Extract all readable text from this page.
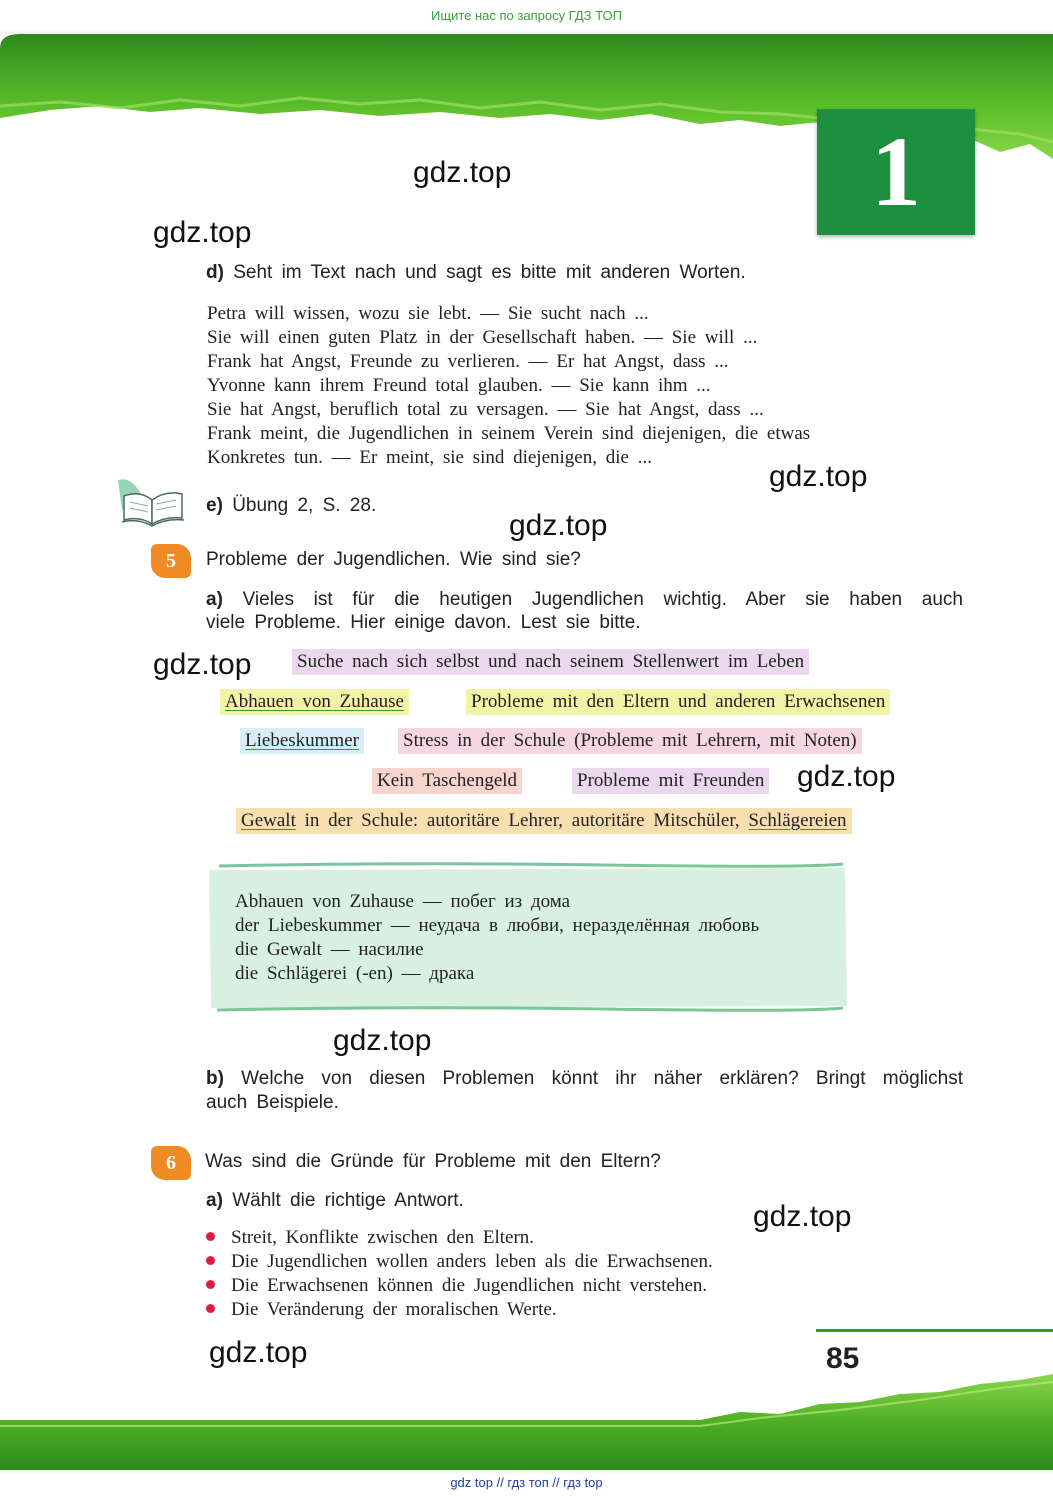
Ищите нас по запросу ГДЗ ТОП
1
gdz.top
gdz.top
gdz.top
gdz.top
gdz.top
gdz.top
gdz.top
gdz.top
gdz.top
d) Seht im Text nach und sagt es bitte mit anderen Worten.
Petra will wissen, wozu sie lebt. — Sie sucht nach ...
Sie will einen guten Platz in der Gesellschaft haben. — Sie will ...
Frank hat Angst, Freunde zu verlieren. — Er hat Angst, dass ...
Yvonne kann ihrem Freund total glauben. — Sie kann ihm ...
Sie hat Angst, beruflich total zu versagen. — Sie hat Angst, dass ...
Frank meint, die Jugendlichen in seinem Verein sind diejenigen, die etwas
Konkretes tun. — Er meint, sie sind diejenigen, die ...
e) Übung 2, S. 28.
5	Probleme der Jugendlichen. Wie sind sie?
a) Vieles ist für die heutigen Jugendlichen wichtig. Aber sie haben auch
viele Probleme. Hier einige davon. Lest sie bitte.
Suche nach sich selbst und nach seinem Stellenwert im Leben
Abhauen von Zuhause	Probleme mit den Eltern und anderen Erwachsenen
Liebeskummer Stress in der Schule (Probleme mit Lehrern, mit Noten)
Kein Taschengeld	Probleme mit Freunden
Gewalt in der Schule: autoritäre Lehrer, autoritäre Mitschüler, Schlägereien
Abhauen von Zuhause — побег из дома
der Liebeskummer — неудача в любви, неразделённая любовь
die Gewalt — насилие
die Schlägerei (-en) — драка
b) Welche von diesen Problemen könnt ihr näher erklären? Bringt möglichst
auch Beispiele.
6	Was sind die Gründe für Probleme mit den Eltern?
a) Wählt die richtige Antwort.
Streit, Konflikte zwischen den Eltern.
Die Jugendlichen wollen anders leben als die Erwachsenen.
Die Erwachsenen können die Jugendlichen nicht verstehen.
Die Veränderung der moralischen Werte.
85
gdz top // гдз топ // гдз top
